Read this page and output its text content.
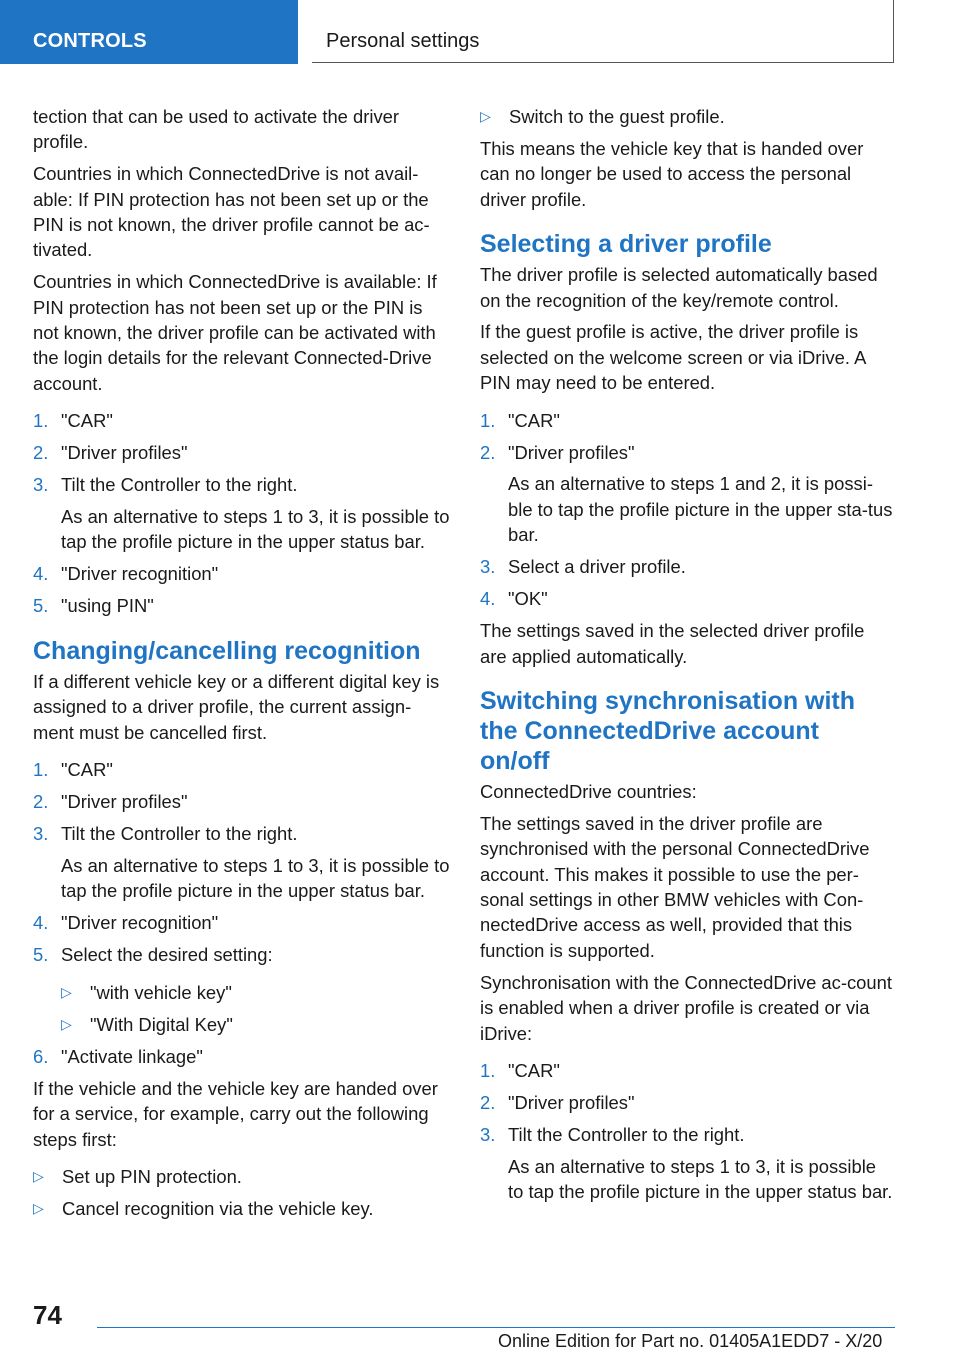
CONTROLS	Personal settings

tection that can be used to activate the driver profile.

Countries in which ConnectedDrive is not avail-able: If PIN protection has not been set up or the PIN is not known, the driver profile cannot be ac-tivated.

Countries in which ConnectedDrive is available: If PIN protection has not been set up or the PIN is not known, the driver profile can be activated with the login details for the relevant Connected-Drive account.

1. "CAR"
2. "Driver profiles"
3. Tilt the Controller to the right.
As an alternative to steps 1 to 3, it is possible to tap the profile picture in the upper status bar.
4. "Driver recognition"
5. "using PIN"
Changing/cancelling recognition

If a different vehicle key or a different digital key is assigned to a driver profile, the current assign-ment must be cancelled first.

1. "CAR"
2. "Driver profiles"
3. Tilt the Controller to the right.
As an alternative to steps 1 to 3, it is possible to tap the profile picture in the upper status bar.
4. "Driver recognition"
5. Select the desired setting:
▷ "with vehicle key"
▷ "With Digital Key"
6. "Activate linkage"

If the vehicle and the vehicle key are handed over for a service, for example, carry out the following steps first:

▷ Set up PIN protection.
▷ Cancel recognition via the vehicle key.
▷ Switch to the guest profile.

This means the vehicle key that is handed over can no longer be used to access the personal driver profile.

Selecting a driver profile

The driver profile is selected automatically based on the recognition of the key/remote control.

If the guest profile is active, the driver profile is selected on the welcome screen or via iDrive. A PIN may need to be entered.

1. "CAR"
2. "Driver profiles"
As an alternative to steps 1 and 2, it is possi-ble to tap the profile picture in the upper sta-tus bar.
3. Select a driver profile.
4. "OK"

The settings saved in the selected driver profile are applied automatically.

Switching synchronisation with the ConnectedDrive account on/off

ConnectedDrive countries:

The settings saved in the driver profile are synchronised with the personal ConnectedDrive account. This makes it possible to use the per-sonal settings in other BMW vehicles with Con-nectedDrive access as well, provided that this function is supported.

Synchronisation with the ConnectedDrive ac-count is enabled when a driver profile is created or via iDrive:

1. "CAR"
2. "Driver profiles"
3. Tilt the Controller to the right.
As an alternative to steps 1 to 3, it is possible to tap the profile picture in the upper status bar.
74
Online Edition for Part no. 01405A1EDD7 - X/20
